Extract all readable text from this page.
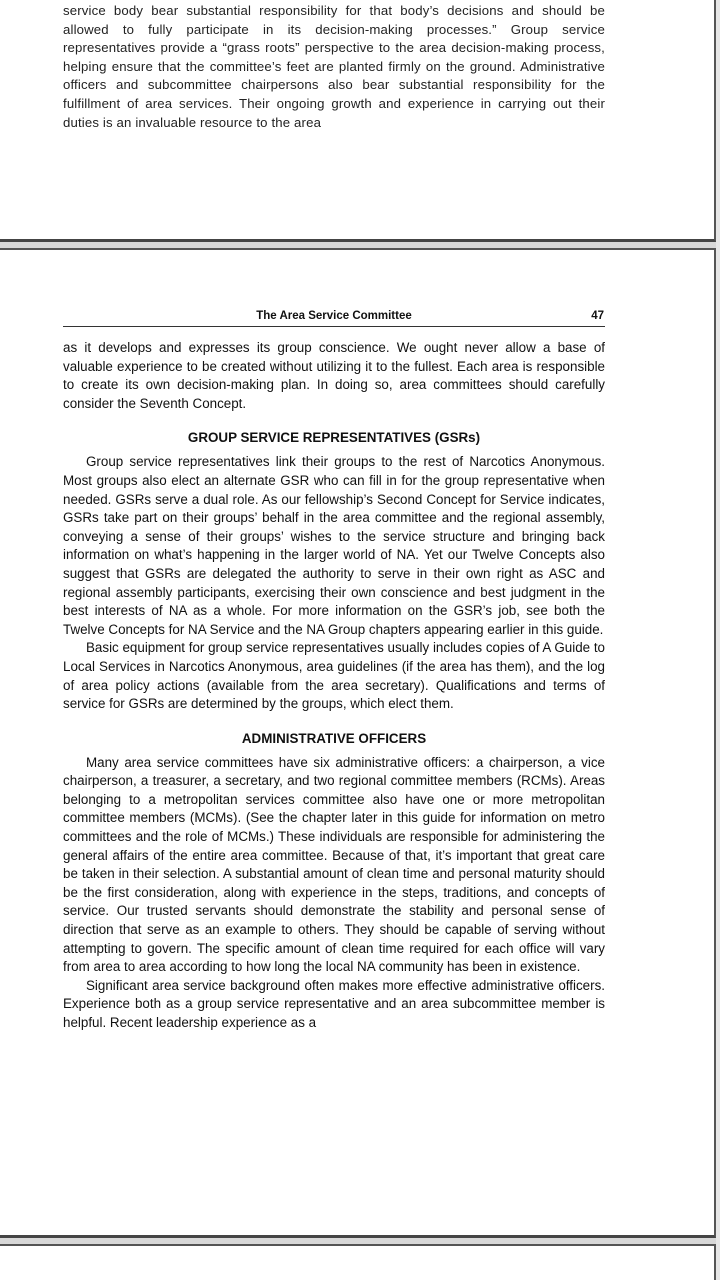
service body bear substantial responsibility for that body’s decisions and should be allowed to fully participate in its decision-making processes.” Group service representatives provide a “grass roots” perspective to the area decision-making process, helping ensure that the committee’s feet are planted firmly on the ground. Administrative officers and subcommittee chairpersons also bear substantial responsibility for the fulfillment of area services. Their ongoing growth and experience in carrying out their duties is an invaluable resource to the area

The Area Service Committee	47

as it develops and expresses its group conscience. We ought never allow a base of valuable experience to be created without utilizing it to the fullest. Each area is responsible to create its own decision-making plan. In doing so, area committees should carefully consider the Seventh Concept.

GROUP SERVICE REPRESENTATIVES (GSRs)

Group service representatives link their groups to the rest of Narcotics Anonymous. Most groups also elect an alternate GSR who can fill in for the group representative when needed. GSRs serve a dual role. As our fellowship’s Second Concept for Service indicates, GSRs take part on their groups’ behalf in the area committee and the regional assembly, conveying a sense of their groups’ wishes to the service structure and bringing back information on what’s happening in the larger world of NA. Yet our Twelve Concepts also suggest that GSRs are delegated the authority to serve in their own right as ASC and regional assembly participants, exercising their own conscience and best judgment in the best interests of NA as a whole. For more information on the GSR’s job, see both the Twelve Concepts for NA Service and the NA Group chapters appearing earlier in this guide.

Basic equipment for group service representatives usually includes copies of A Guide to Local Services in Narcotics Anonymous, area guidelines (if the area has them), and the log of area policy actions (available from the area secretary). Qualifications and terms of service for GSRs are determined by the groups, which elect them.

ADMINISTRATIVE OFFICERS

Many area service committees have six administrative officers: a chairperson, a vice chairperson, a treasurer, a secretary, and two regional committee members (RCMs). Areas belonging to a metropolitan services committee also have one or more metropolitan committee members (MCMs). (See the chapter later in this guide for information on metro committees and the role of MCMs.) These individuals are responsible for administering the general affairs of the entire area committee. Because of that, it’s important that great care be taken in their selection. A substantial amount of clean time and personal maturity should be the first consideration, along with experience in the steps, traditions, and concepts of service. Our trusted servants should demonstrate the stability and personal sense of direction that serve as an example to others. They should be capable of serving without attempting to govern. The specific amount of clean time required for each office will vary from area to area according to how long the local NA community has been in existence.

Significant area service background often makes more effective administrative officers. Experience both as a group service representative and an area subcommittee member is helpful. Recent leadership experience as a
